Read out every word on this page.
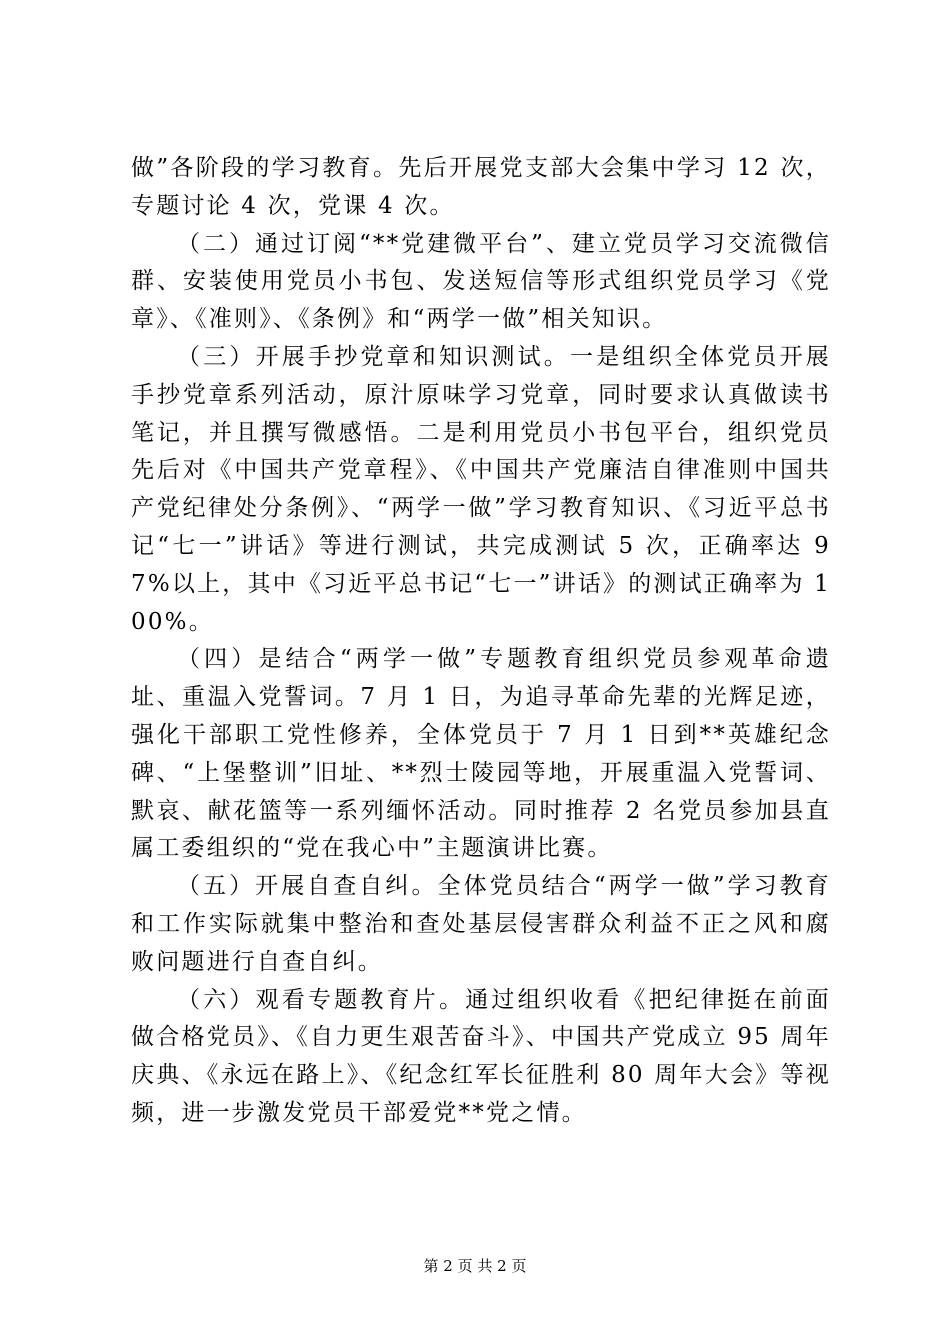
做”各阶段的学习教育。先后开展党支部大会集中学习 12 次，专题讨论 4 次，党课 4 次。

（二）通过订阅“**党建微平台”、建立党员学习交流微信群、安装使用党员小书包、发送短信等形式组织党员学习《党章》、《准则》、《条例》和“两学一做”相关知识。

（三）开展手抄党章和知识测试。一是组织全体党员开展手抄党章系列活动，原汁原味学习党章，同时要求认真做读书笔记，并且撰写微感悟。二是利用党员小书包平台，组织党员先后对《中国共产党章程》、《中国共产党廉洁自律准则中国共产党纪律处分条例》、“两学一做”学习教育知识、《习近平总书记“七一”讲话》等进行测试，共完成测试 5 次，正确率达 97%以上，其中《习近平总书记“七一”讲话》的测试正确率为 100%。

（四）是结合“两学一做”专题教育组织党员参观革命遗址、重温入党誓词。7 月 1 日，为追寻革命先辈的光辉足迹，强化干部职工党性修养，全体党员于 7 月 1 日到**英雄纪念碑、“上堡整训”旧址、**烈士陵园等地，开展重温入党誓词、默哀、献花篮等一系列缅怀活动。同时推荐 2 名党员参加县直属工委组织的“党在我心中”主题演讲比赛。

（五）开展自查自纠。全体党员结合“两学一做”学习教育和工作实际就集中整治和查处基层侵害群众利益不正之风和腐败问题进行自查自纠。

（六）观看专题教育片。通过组织收看《把纪律挺在前面做合格党员》、《自力更生艰苦奋斗》、中国共产党成立 95 周年庆典、《永远在路上》、《纪念红军长征胜利 80 周年大会》等视频，进一步激发党员干部爱党**党之情。

第 2 页 共 2 页
